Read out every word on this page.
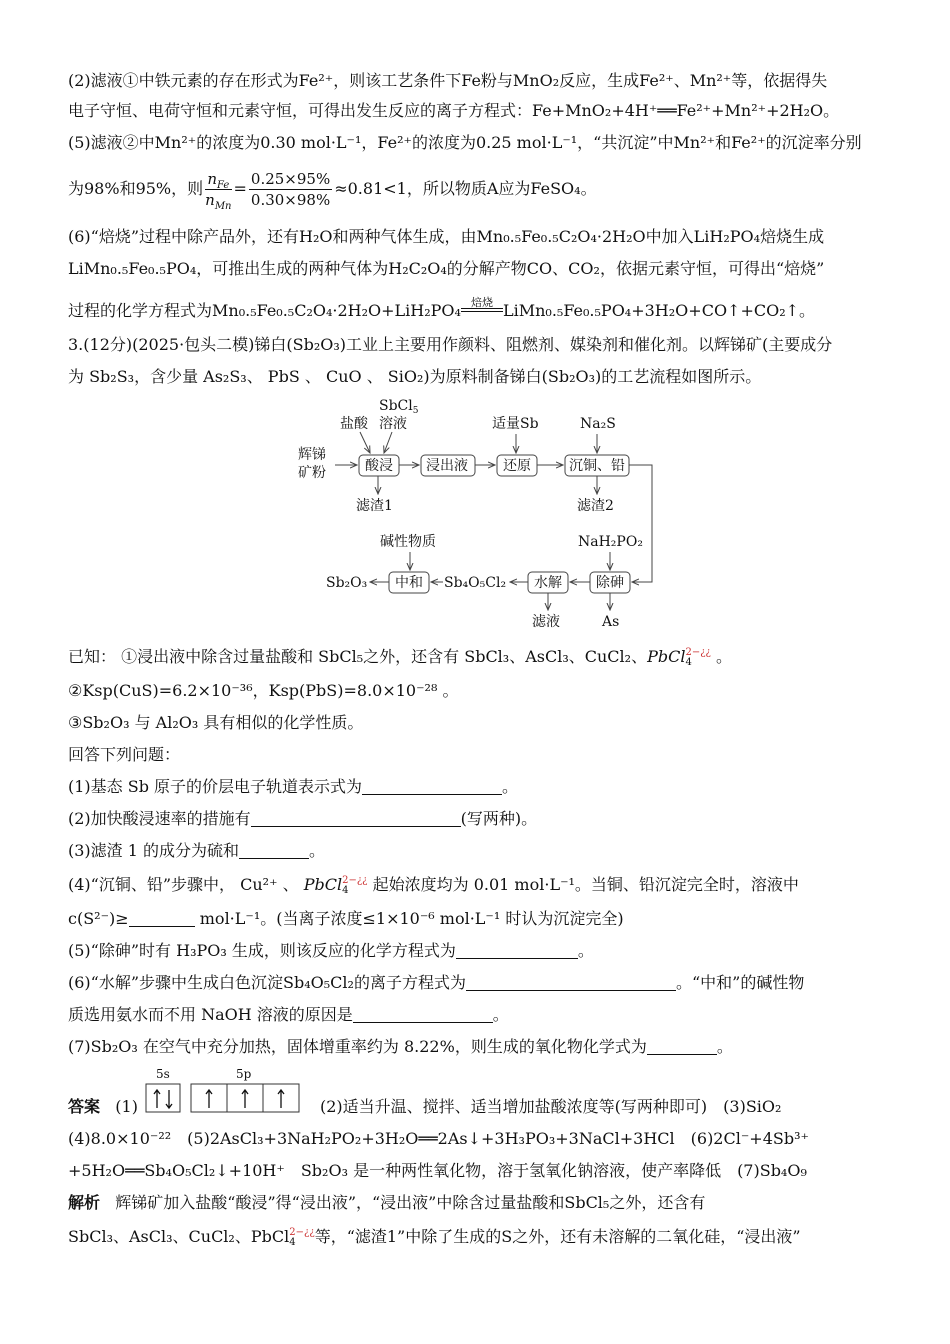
(2)滤液①中铁元素的存在形式为Fe²⁺，则该工艺条件下Fe粉与MnO₂反应，生成Fe²⁺、Mn²⁺等，依据得失
电子守恒、电荷守恒和元素守恒，可得出发生反应的离子方程式：Fe+MnO₂+4H⁺══Fe²⁺+Mn²⁺+2H₂O。
(5)滤液②中Mn²⁺的浓度为0.30 mol·L⁻¹，Fe²⁺的浓度为0.25 mol·L⁻¹，“共沉淀”中Mn²⁺和Fe²⁺的沉淀率分别
为98%和95%，则 $\frac{n_{Fe}}{n_{Mn}} = \frac{0.25\times 95\%}{0.30\times 98\%} \approx 0.81<1$，所以物质A应为FeSO₄。
(6)“焙烧”过程中除产品外，还有H₂O和两种气体生成，由Mn₀.₅Fe₀.₅C₂O₄·2H₂O中加入LiH₂PO₄焙烧生成
LiMn₀.₅Fe₀.₅PO₄，可推出生成的两种气体为H₂C₂O₄的分解产物CO、CO₂，依据元素守恒，可得出“焙烧”
过程的化学方程式为Mn₀.₅Fe₀.₅C₂O₄·2H₂O+LiH₂PO₄ 焙烧 LiMn₀.₅Fe₀.₅PO₄+3H₂O+CO↑+CO₂↑。
3.(12分)(2025·包头二模)锑白(Sb₂O₃)工业上主要用作颜料、阻燃剂、媒染剂和催化剂。以辉锑矿(主要成分
为 Sb₂S₃，含少量 As₂S₃、 PbS 、 CuO 、 SiO₂)为原料制备锑白(Sb₂O₃)的工艺流程如图所示。
辉锑
矿粉
盐酸
SbCl$_5$
溶液
酸浸 浸出液
适量Sb
还原
Na₂S
沉铜、铅
滤渣1	滤渣2
碱性物质	NaH₂PO₂
Sb₂O₃ 中和 Sb₄O₅Cl₂ 水解 除砷
滤液	As
已知： ①浸出液中除含过量盐酸和 SbCl₅之外，还含有 SbCl₃、AsCl₃、CuCl₂、PbCl 2−¿¿
4	。
②Ksp(CuS)=6.2×10⁻³⁶，Ksp(PbS)=8.0×10⁻²⁸ 。
③Sb₂O₃ 与 Al₂O₃ 具有相似的化学性质。
回答下列问题：
(1)基态 Sb 原子的价层电子轨道表示式为	。
(2)加快酸浸速率的措施有	(写两种)。
(3)滤渣 1 的成分为硫和	。
(4)“沉铜、铅”步骤中， Cu²⁺ 、 PbCl 2−¿¿
4	起始浓度均为 0.01 mol·L⁻¹。当铜、铅沉淀完全时，溶液中
c(S²⁻)≥	mol·L⁻¹。(当离子浓度≤1×10⁻⁶ mol·L⁻¹ 时认为沉淀完全)
(5)“除砷”时有 H₃PO₃ 生成，则该反应的化学方程式为	。
(6)“水解”步骤中生成白色沉淀Sb₄O₅Cl₂的离子方程式为	。“中和”的碱性物
质选用氨水而不用 NaOH 溶液的原因是	。
(7)Sb₂O₃ 在空气中充分加热，固体增重率约为 8.22%，则生成的氧化物化学式为	。
答案 (1)
5s	5p
(2)适当升温、搅拌、适当增加盐酸浓度等(写两种即可)　(3)SiO₂
(4)8.0×10⁻²²　(5)2AsCl₃+3NaH₂PO₂+3H₂O══2As↓+3H₃PO₃+3NaCl+3HCl　(6)2Cl⁻+4Sb³⁺
+5H₂O══Sb₄O₅Cl₂↓+10H⁺　Sb₂O₃ 是一种两性氧化物，溶于氢氧化钠溶液，使产率降低　(7)Sb₄O₉
解析 辉锑矿加入盐酸“酸浸”得“浸出液”，“浸出液”中除含过量盐酸和SbCl₅之外，还含有
SbCl₃、AsCl₃、CuCl₂、PbCl 2−¿¿
4	等，“滤渣1”中除了生成的S之外，还有未溶解的二氧化硅，“浸出液”
